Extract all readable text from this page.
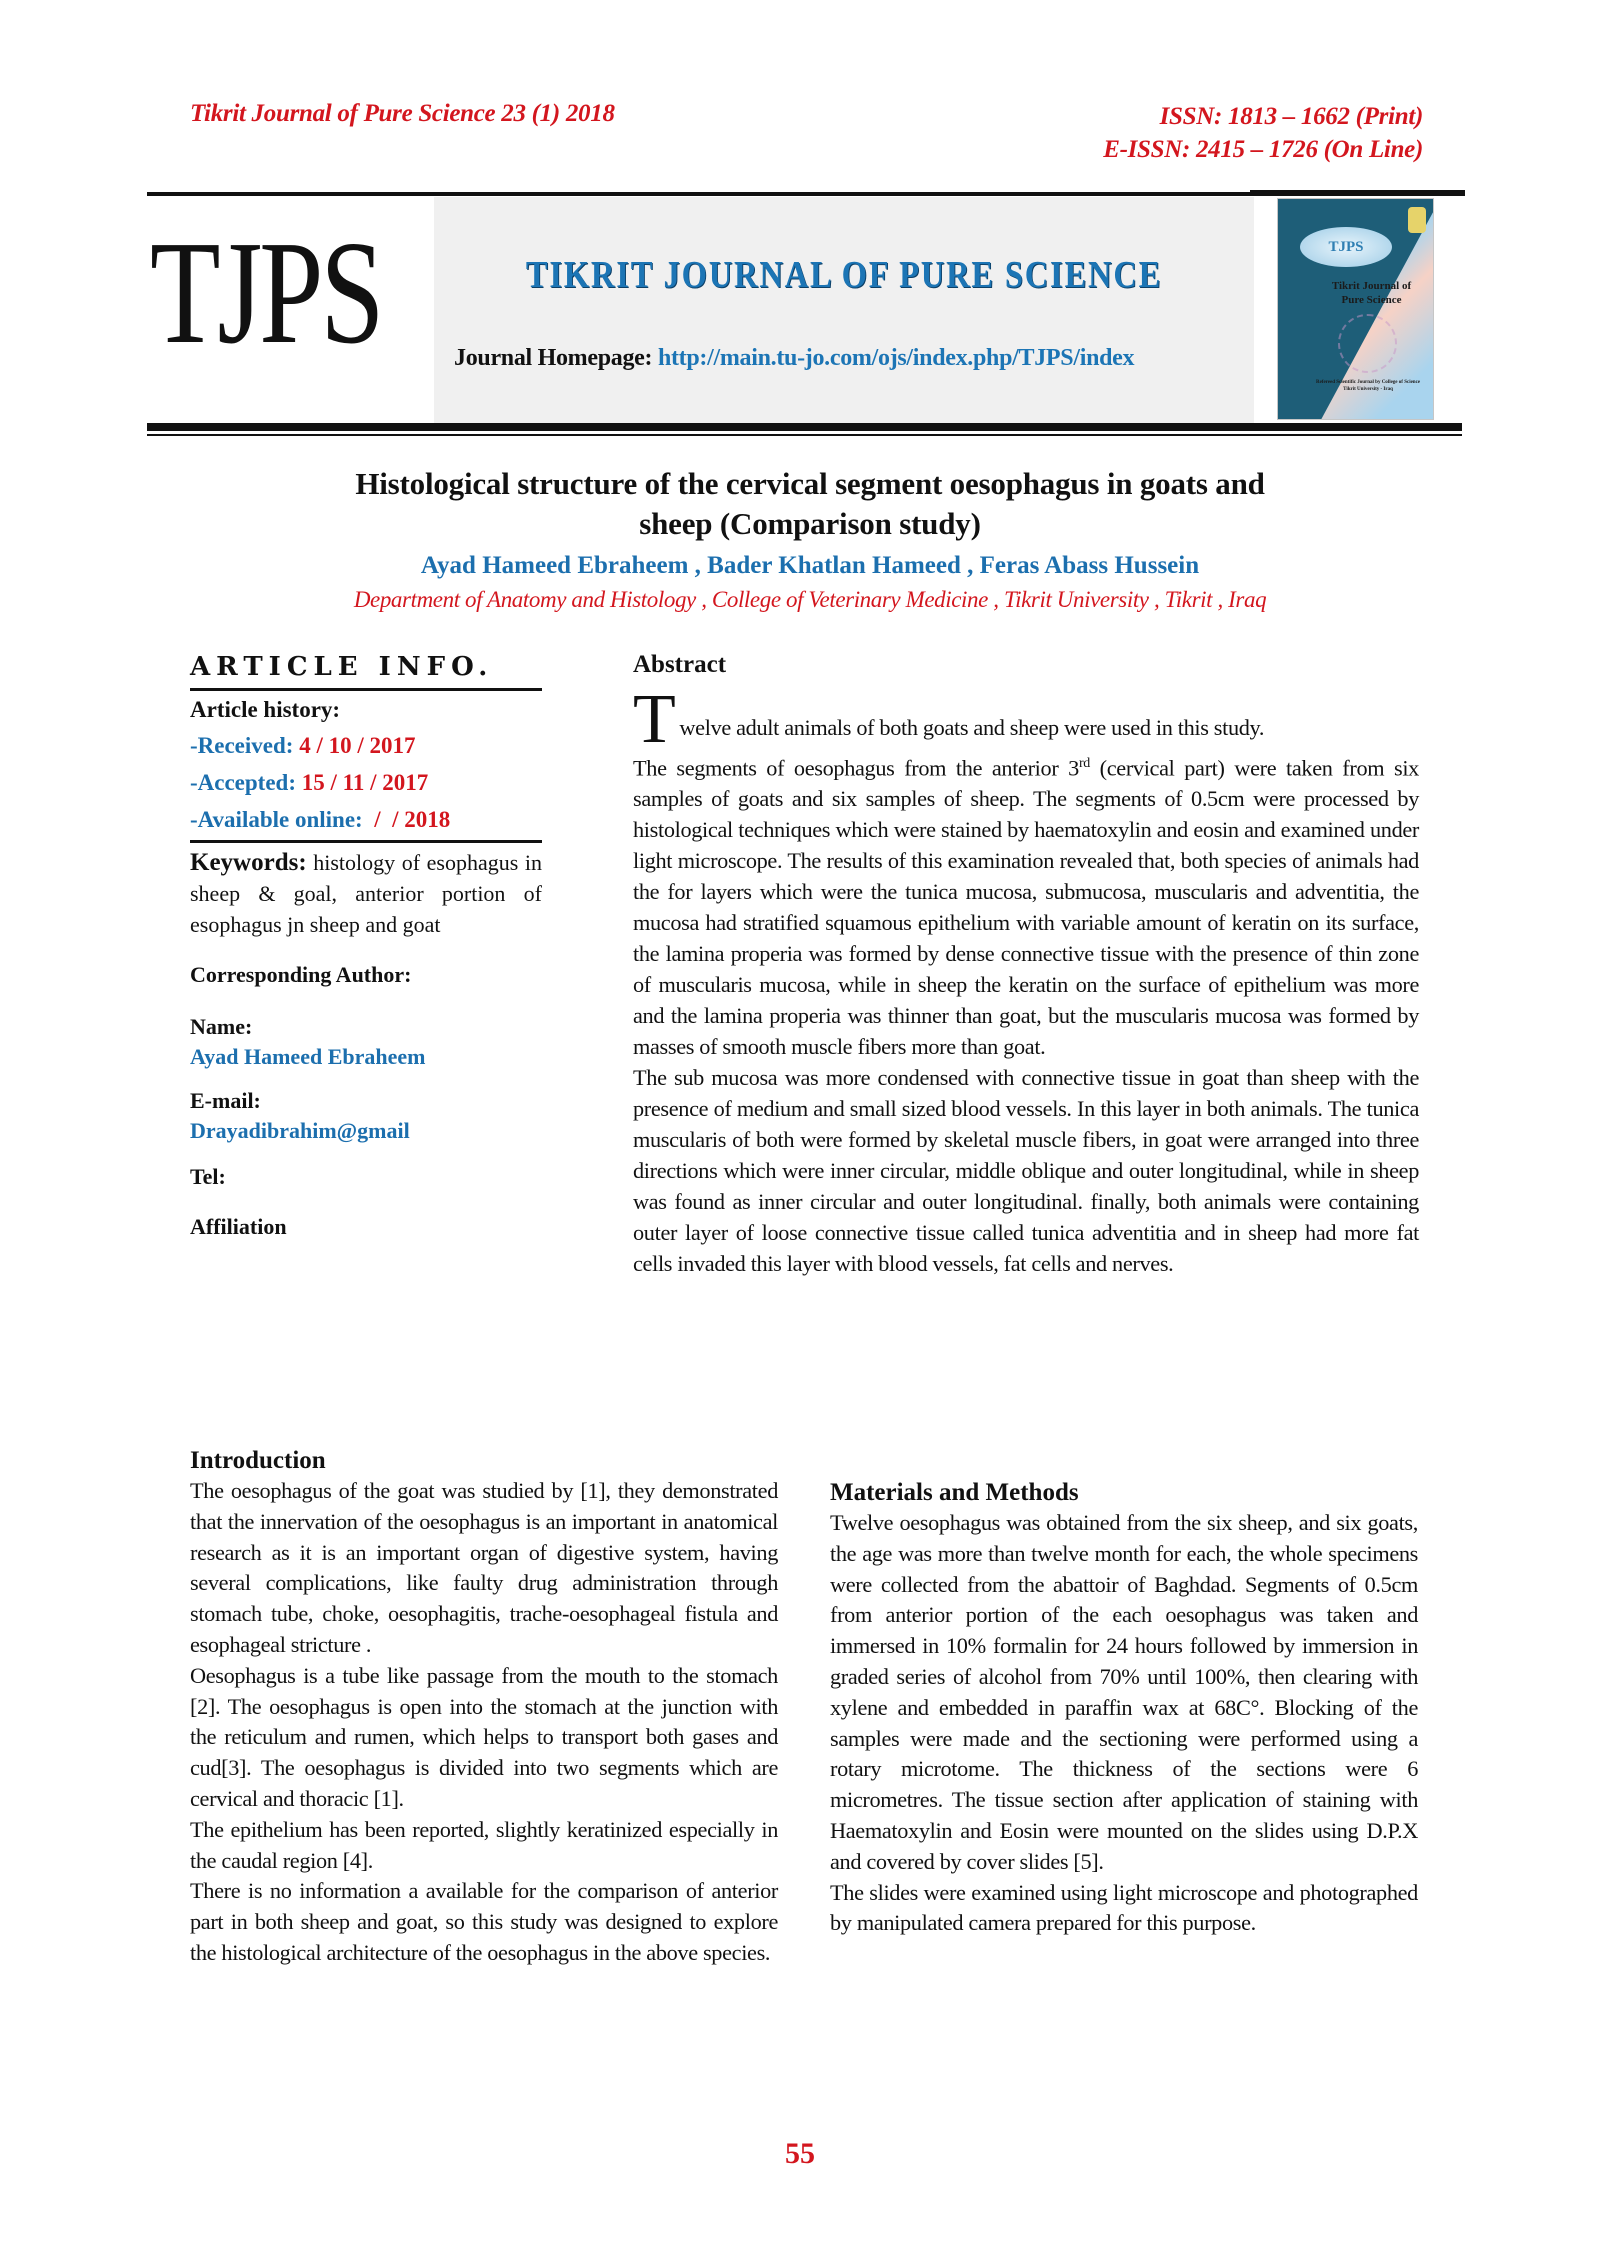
Tikrit Journal of Pure Science 23 (1) 2018	ISSN: 1813 – 1662 (Print)
E-ISSN: 2415 – 1726 (On Line)
TJPS	TIKRIT JOURNAL OF PURE SCIENCE
Journal Homepage: http://main.tu-jo.com/ojs/index.php/TJPS/index
TJPS
Tikrit Journal of
Pure Science
Refereed Scientific Journal by College of Science
Tikrit University - Iraq
Histological structure of the cervical segment oesophagus in goats and
sheep (Comparison study)
Ayad Hameed Ebraheem , Bader Khatlan Hameed , Feras Abass Hussein
Department of Anatomy and Histology , College of Veterinary Medicine , Tikrit University , Tikrit , Iraq
ARTICLE INFO.
Article history:
-Received: 4 / 10 / 2017
-Accepted: 15 / 11 / 2017
-Available online:  /  / 2018
Keywords: histology of esophagus in sheep & goal, anterior portion of esophagus jn sheep and goat
Corresponding Author:
Name:
Ayad Hameed Ebraheem
E-mail:
Drayadibrahim@gmail
Tel:
Affiliation
Abstract
T welve adult animals of both goats and sheep were used in this study.
The segments of oesophagus from the anterior 3rd (cervical part) were taken from six samples of goats and six samples of sheep. The segments of 0.5cm were processed by histological techniques which were stained by haematoxylin and eosin and examined under light microscope. The results of this examination revealed that, both species of animals had the for layers which were the tunica mucosa, submucosa, muscularis and adventitia, the mucosa had stratified squamous epithelium with variable amount of keratin on its surface, the lamina properia was formed by dense connective tissue with the presence of thin zone of muscularis mucosa, while in sheep the keratin on the surface of epithelium was more and the lamina properia was thinner than goat, but the muscularis mucosa was formed by masses of smooth muscle fibers more than goat.
The sub mucosa was more condensed with connective tissue in goat than sheep with the presence of medium and small sized blood vessels. In this layer in both animals. The tunica muscularis of both were formed by skeletal muscle fibers, in goat were arranged into three directions which were inner circular, middle oblique and outer longitudinal, while in sheep was found as inner circular and outer longitudinal. finally, both animals were containing outer layer of loose connective tissue called tunica adventitia and in sheep had more fat cells invaded this layer with blood vessels, fat cells and nerves.
Introduction

The oesophagus of the goat was studied by [1], they demonstrated that the innervation of the oesophagus is an important in anatomical research as it is an important organ of digestive system, having several complications, like faulty drug administration through stomach tube, choke, oesophagitis, trache-oesophageal fistula and esophageal stricture .

Oesophagus is a tube like passage from the mouth to the stomach [2]. The oesophagus is open into the stomach at the junction with the reticulum and rumen, which helps to transport both gases and cud[3]. The oesophagus is divided into two segments which are cervical and thoracic [1].

The epithelium has been reported, slightly keratinized especially in the caudal region [4].

There is no information a available for the comparison of anterior part in both sheep and goat, so this study was designed to explore the histological architecture of the oesophagus in the above species.

Materials and Methods

Twelve oesophagus was obtained from the six sheep, and six goats, the age was more than twelve month for each, the whole specimens were collected from the abattoir of Baghdad. Segments of 0.5cm from anterior portion of the each oesophagus was taken and immersed in 10% formalin for 24 hours followed by immersion in graded series of alcohol from 70% until 100%, then clearing with xylene and embedded in paraffin wax at 68C°. Blocking of the samples were made and the sectioning were performed using a rotary microtome. The thickness of the sections were 6 micrometres. The tissue section after application of staining with Haematoxylin and Eosin were mounted on the slides using D.P.X and covered by cover slides [5].

The slides were examined using light microscope and photographed by manipulated camera prepared for this purpose.

55
